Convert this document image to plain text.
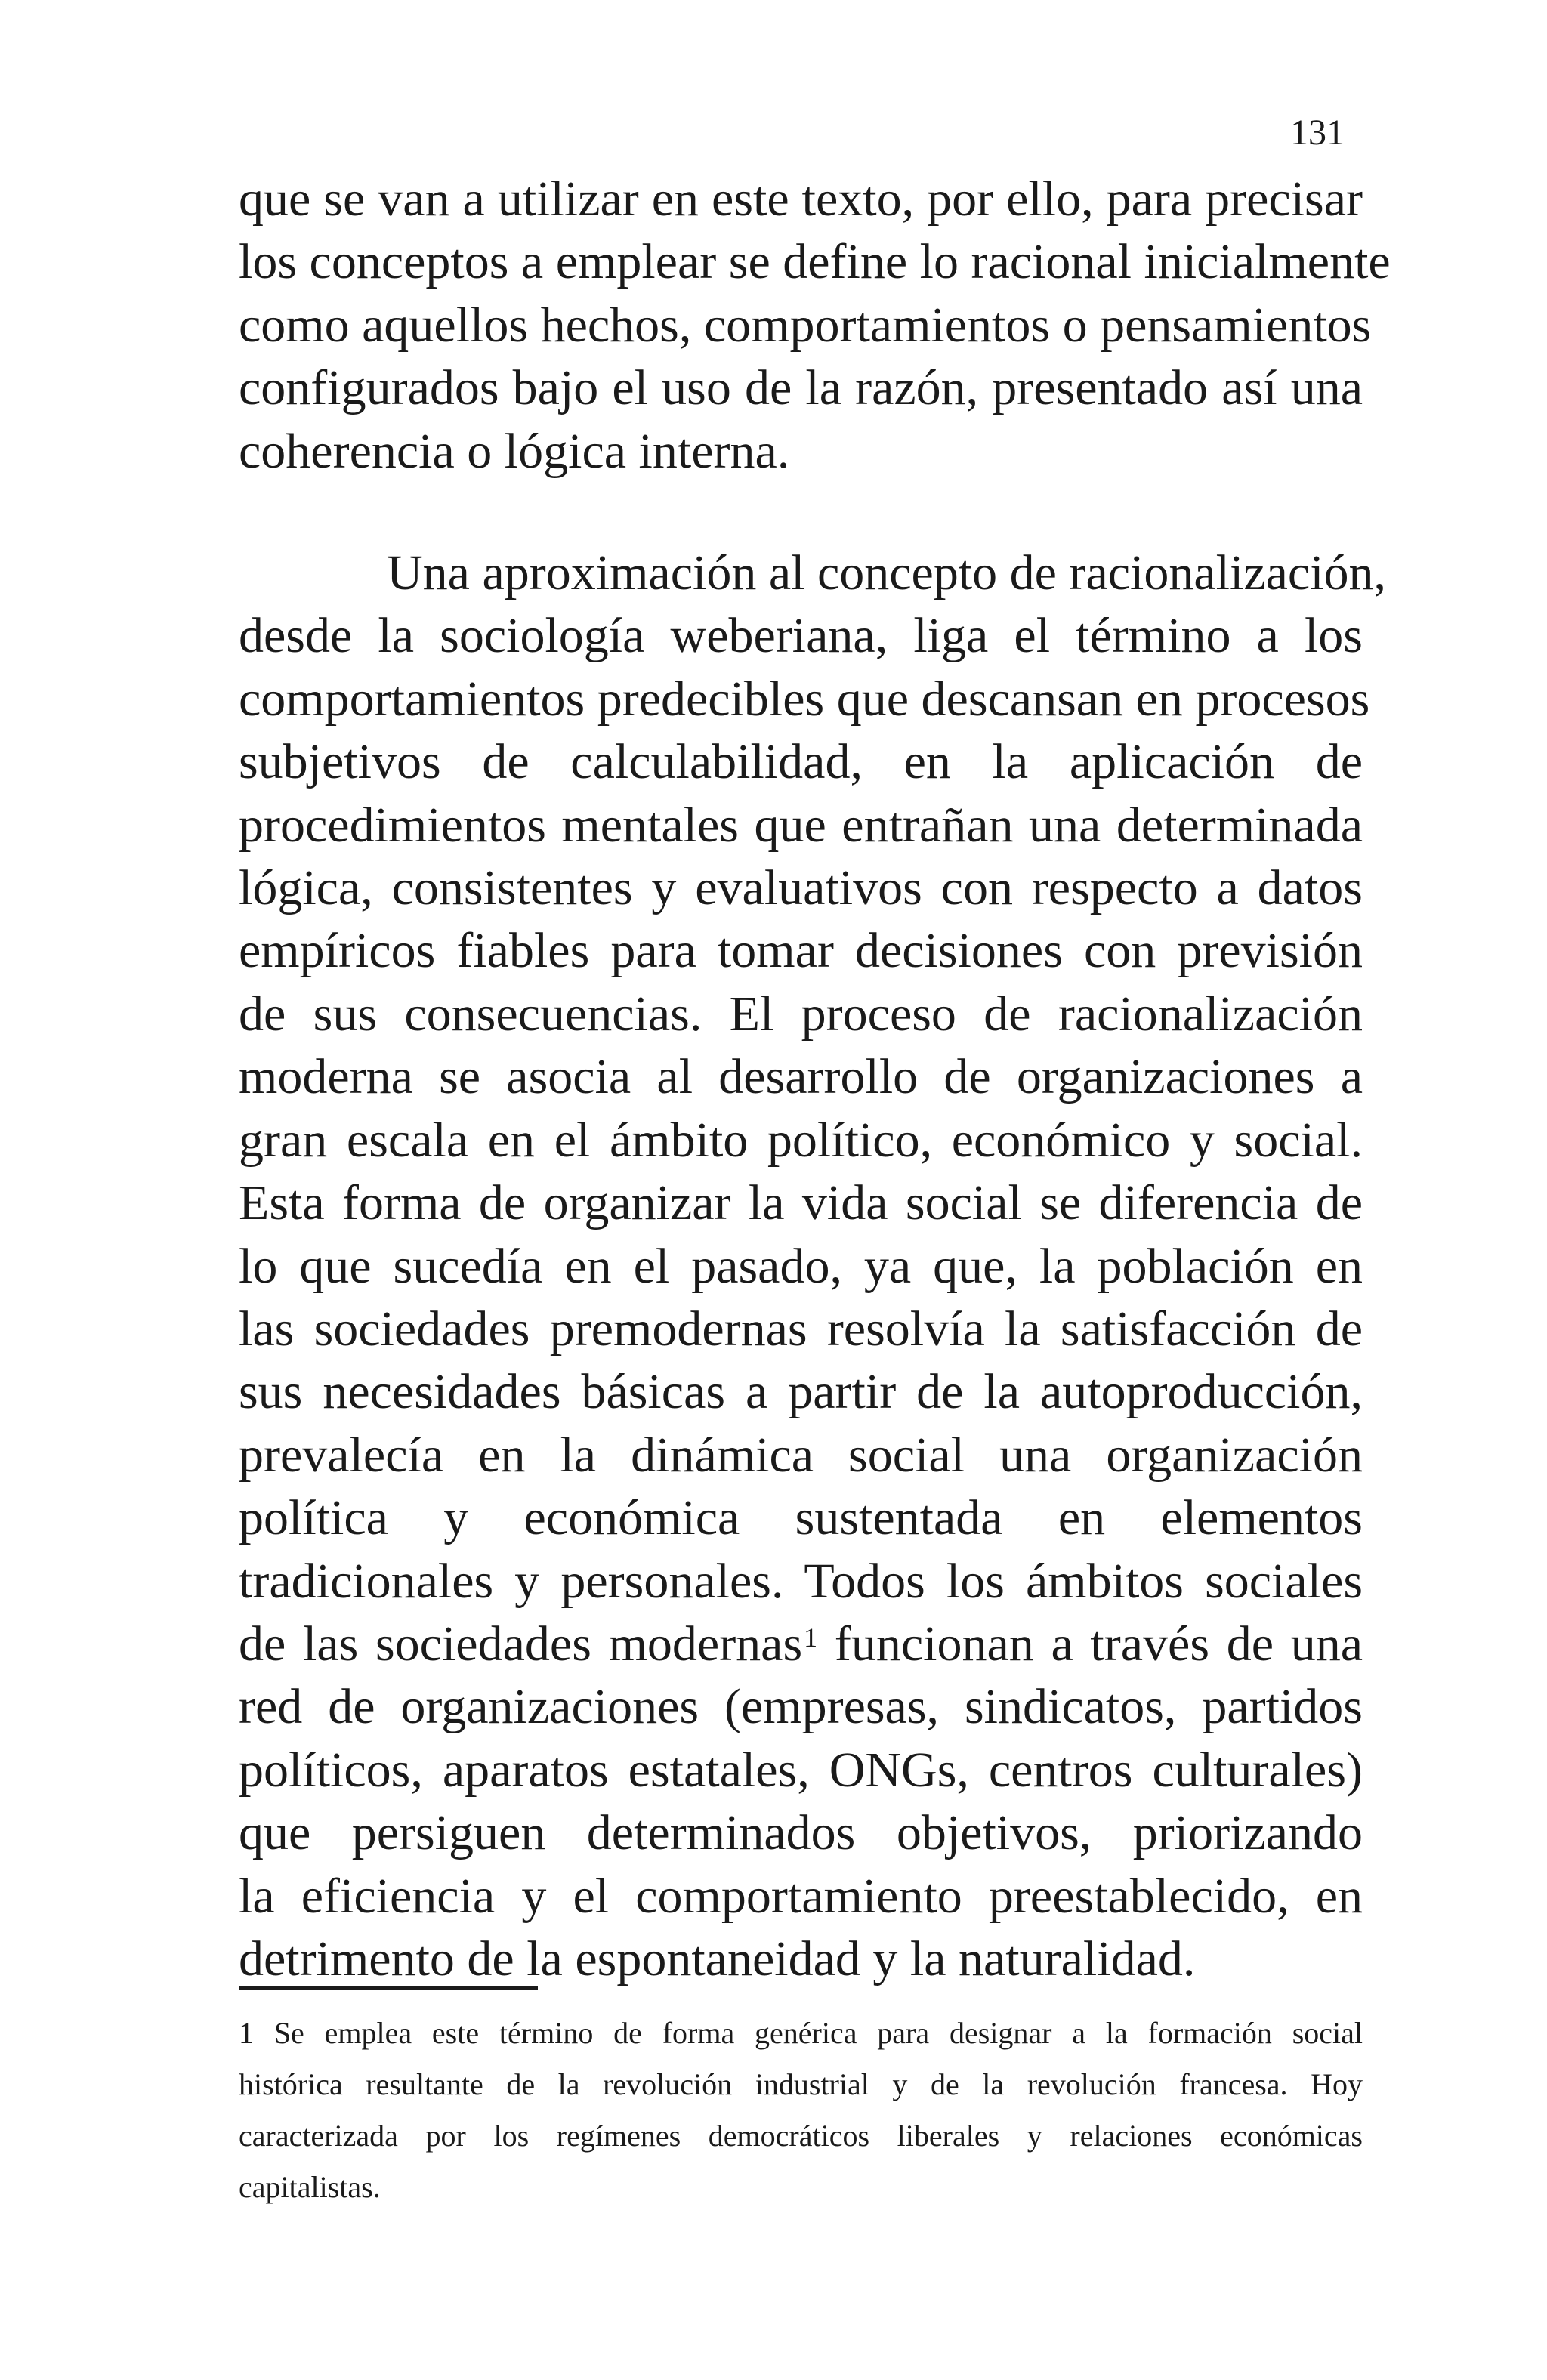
131

que se van a utilizar en este texto, por ello, para precisar
los conceptos a emplear se define lo racional inicialmente
como aquellos hechos, comportamientos o pensamientos
configurados bajo el uso de la razón, presentado así una
coherencia o lógica interna.

Una aproximación al concepto de racionalización,
desde la sociología weberiana, liga el término a los
comportamientos predecibles que descansan en procesos
subjetivos de calculabilidad, en la aplicación de
procedimientos mentales que entrañan una determinada
lógica, consistentes y evaluativos con respecto a datos
empíricos fiables para tomar decisiones con previsión
de sus consecuencias. El proceso de racionalización
moderna se asocia al desarrollo de organizaciones a
gran escala en el ámbito político, económico y social.
Esta forma de organizar la vida social se diferencia de
lo que sucedía en el pasado, ya que, la población en
las sociedades premodernas resolvía la satisfacción de
sus necesidades básicas a partir de la autoproducción,
prevalecía en la dinámica social una organización
política y económica sustentada en elementos
tradicionales y personales. Todos los ámbitos sociales
de las sociedades modernas$^1$ funcionan a través de una
red de organizaciones (empresas, sindicatos, partidos
políticos, aparatos estatales, ONGs, centros culturales)
que persiguen determinados objetivos, priorizando
la eficiencia y el comportamiento preestablecido, en
detrimento de la espontaneidad y la naturalidad.

1 Se emplea este término de forma genérica para designar a la formación social
histórica resultante de la revolución industrial y de la revolución francesa. Hoy
caracterizada por los regímenes democráticos liberales y relaciones económicas
capitalistas.
